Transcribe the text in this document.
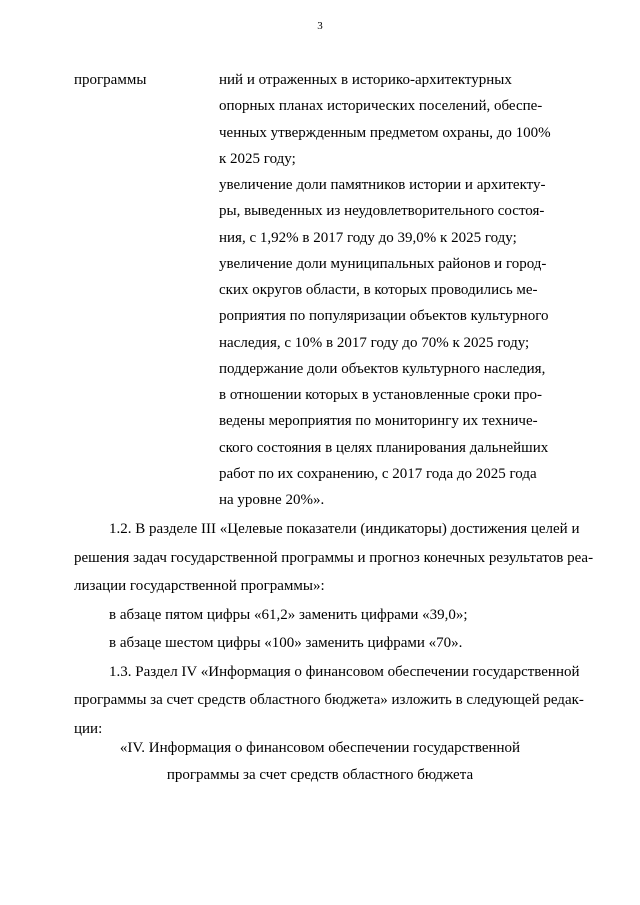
3
программы	ний и отраженных в историко-архитектурных
опорных планах исторических поселений, обеспе-
ченных утвержденным предметом охраны, до 100%
к 2025 году;
увеличение доли памятников истории и архитекту-
ры, выведенных из неудовлетворительного состоя-
ния, с 1,92% в 2017 году до 39,0% к 2025 году;
увеличение доли муниципальных районов и город-
ских округов области, в которых проводились ме-
роприятия по популяризации объектов культурного
наследия, с 10% в 2017 году до 70% к 2025 году;
поддержание доли объектов культурного наследия,
в отношении которых в установленные сроки про-
ведены мероприятия по мониторингу их техниче-
ского состояния в целях планирования дальнейших
работ по их сохранению, с 2017 года до 2025 года
на уровне 20%».
1.2. В разделе III «Целевые показатели (индикаторы) достижения целей и
решения задач государственной программы и прогноз конечных результатов реа-
лизации государственной программы»:
в абзаце пятом цифры «61,2» заменить цифрами «39,0»;
в абзаце шестом цифры «100» заменить цифрами «70».
1.3. Раздел IV «Информация о финансовом обеспечении государственной
программы за счет средств областного бюджета» изложить в следующей редак-
ции:
«IV. Информация о финансовом обеспечении государственной
программы за счет средств областного бюджета
